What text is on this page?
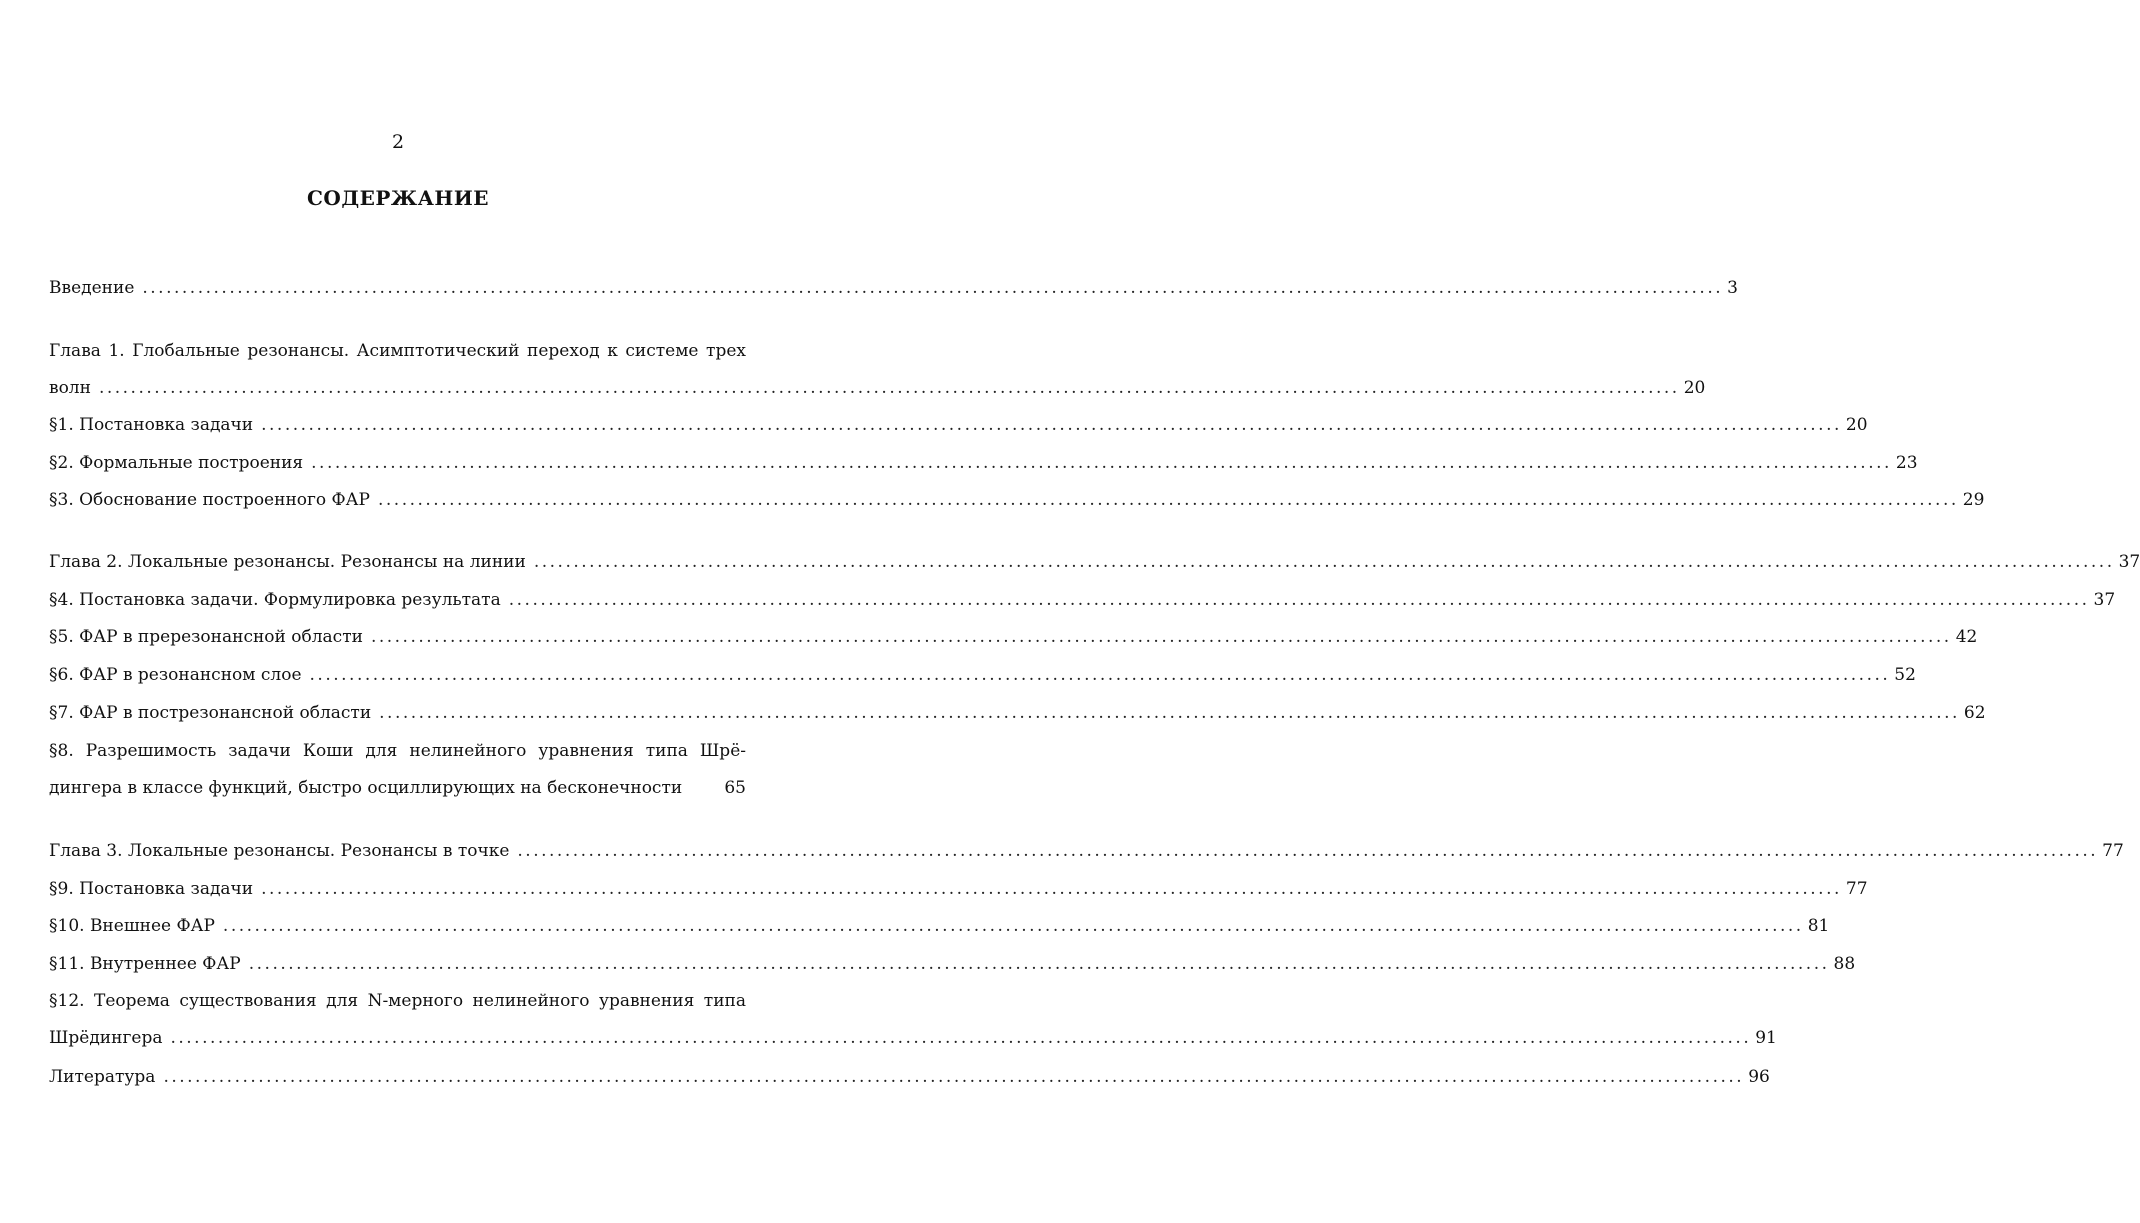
2
СОДЕРЖАНИЕ
Введение ........................................................................................................................................................................................................ 3
Глава 1. Глобальные резонансы. Асимптотический переход к системе трех
волн ........................................................................................................................................................................................................ 20
§1. Постановка задачи ........................................................................................................................................................................................................ 20
§2. Формальные построения ........................................................................................................................................................................................................ 23
§3. Обоснование построенного ФАР ........................................................................................................................................................................................................ 29
Глава 2. Локальные резонансы. Резонансы на линии ........................................................................................................................................................................................................ 37
§4. Постановка задачи. Формулировка результата ........................................................................................................................................................................................................ 37
§5. ФАР в пререзонансной области ........................................................................................................................................................................................................ 42
§6. ФАР в резонансном слое ........................................................................................................................................................................................................ 52
§7. ФАР в пострезонансной области ........................................................................................................................................................................................................ 62
§8. Разрешимость задачи Коши для нелинейного уравнения типа Шрё-
дингера в классе функций, быстро осциллирующих на бесконечности 65
Глава 3. Локальные резонансы. Резонансы в точке ........................................................................................................................................................................................................ 77
§9. Постановка задачи ........................................................................................................................................................................................................ 77
§10. Внешнее ФАР ........................................................................................................................................................................................................ 81
§11. Внутреннее ФАР ........................................................................................................................................................................................................ 88
§12. Теорема существования для N-мерного нелинейного уравнения типа
Шрёдингера ........................................................................................................................................................................................................ 91
Литература ........................................................................................................................................................................................................ 96
